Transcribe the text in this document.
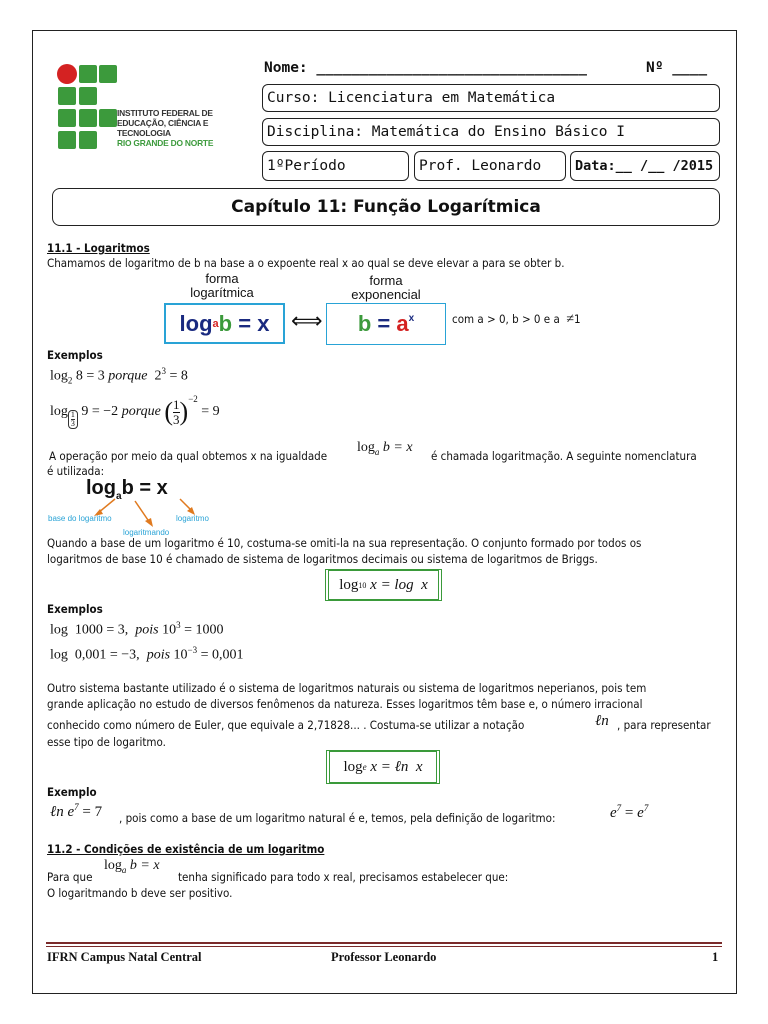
INSTITUTO FEDERAL DE
EDUCAÇÃO, CIÊNCIA E TECNOLOGIA
RIO GRANDE DO NORTE
Nome: _______________________________	Nº ____
Curso: Licenciatura em Matemática
Disciplina: Matemática do Ensino Básico I
1ºPeríodo	Prof. Leonardo	Data:__ /__ /2015
Capítulo 11: Função Logarítmica
11.1 - Logaritmos
Chamamos de logaritmo de b na base a o expoente real x ao qual se deve elevar a para se obter b.
forma
logarítmica
forma
exponencial
log a b = x ⟺ $b = a^x$	com a > 0, b > 0 e a ≠1
Exemplos
$\log_2 8 = 3$ porque $2^3 = 8$
log 1
3
9 = −2 porque
( 1
3 )$^{-2}$
= 9
A operação por meio da qual obtemos x na igualdade
$\log_a b = x$
é chamada logaritmação. A seguinte nomenclatura
é utilizada:
$\log_ab = x$
base do logaritmo
logaritmando
logaritmo
Quando a base de um logaritmo é 10, costuma-se omiti-la na sua representação. O conjunto formado por todos os
logaritmos de base 10 é chamado de sistema de logaritmos decimais ou sistema de logaritmos de Briggs.
log 10 x = log  x
Exemplos
log  1000 = 3,  pois $10^3 = 1000$
log  0,001 = −3,  pois $10^{-3} = 0,001$
Outro sistema bastante utilizado é o sistema de logaritmos naturais ou sistema de logaritmos neperianos, pois tem
grande aplicação no estudo de diversos fenômenos da natureza. Esses logaritmos têm base e, o número irracional
conhecido como número de Euler, que equivale a 2,71828... . Costuma-se utilizar a notação	ℓn , para representar
esse tipo de logaritmo.
log e x = ℓn  x
Exemplo
ℓn $e^7 = 7$ , pois como a base de um logaritmo natural é e, temos, pela definição de logaritmo:	$e^7 = e^7$
11.2 - Condições de existência de um logaritmo
Para que
$\log_a b = x$
tenha significado para todo x real, precisamos estabelecer que:
O logaritmando b deve ser positivo.
IFRN Campus Natal Central	Professor Leonardo	1
